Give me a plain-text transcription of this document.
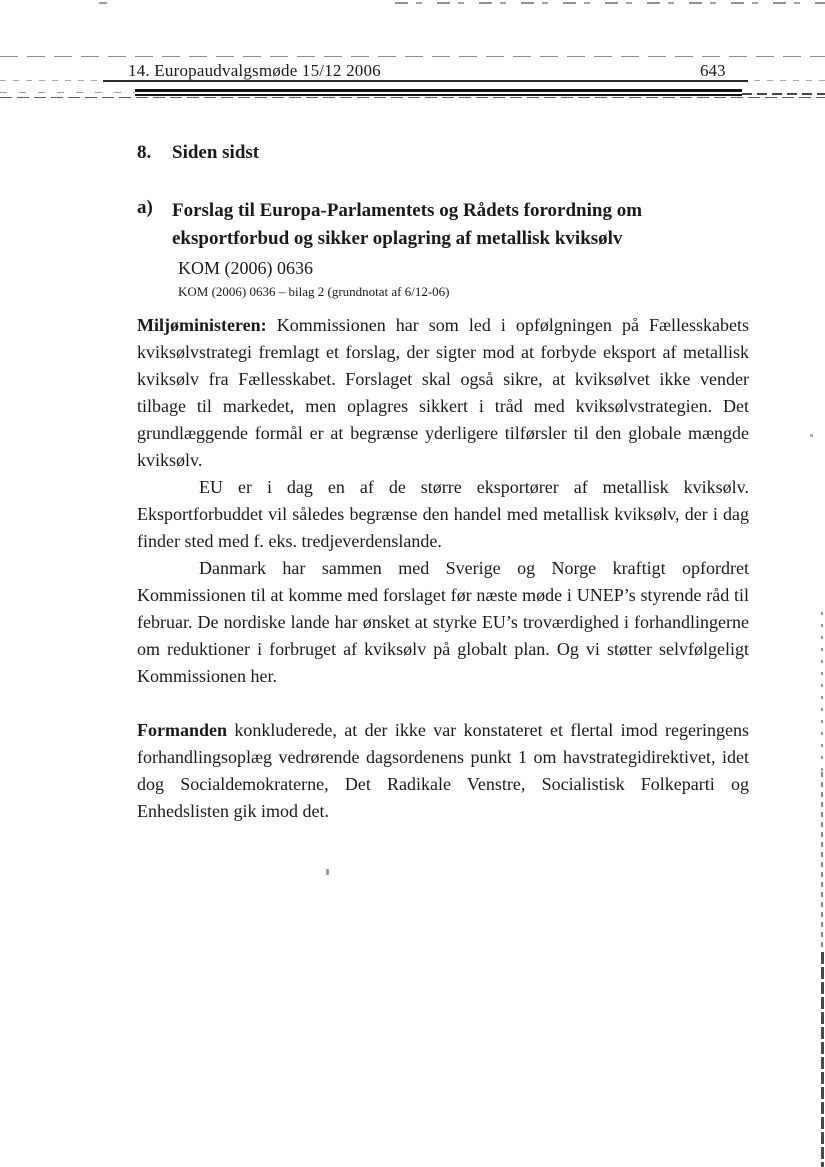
14. Europaudvalgsmøde 15/12 2006	643
8.	Siden sidst
a)	Forslag til Europa-Parlamentets og Rådets forordning om eksportforbud og sikker oplagring af metallisk kviksølv
KOM (2006) 0636
KOM (2006) 0636 – bilag 2 (grundnotat af 6/12-06)

Miljøministeren: Kommissionen har som led i opfølgningen på Fællesskabets kviksølvstrategi fremlagt et forslag, der sigter mod at forbyde eksport af metallisk kviksølv fra Fællesskabet. Forslaget skal også sikre, at kviksølvet ikke vender tilbage til markedet, men oplagres sikkert i tråd med kviksølvstrategien. Det grundlæggende formål er at begrænse yderligere tilførsler til den globale mængde kviksølv.

EU er i dag en af de større eksportører af metallisk kviksølv. Eksportforbuddet vil således begrænse den handel med metallisk kviksølv, der i dag finder sted med f. eks. tredjeverdenslande.

Danmark har sammen med Sverige og Norge kraftigt opfordret Kommissionen til at komme med forslaget før næste møde i UNEP’s styrende råd til februar. De nordiske lande har ønsket at styrke EU’s troværdighed i forhandlingerne om reduktioner i forbruget af kviksølv på globalt plan. Og vi støtter selvfølgeligt Kommissionen her.

Formanden konkluderede, at der ikke var konstateret et flertal imod regeringens forhandlingsoplæg vedrørende dagsordenens punkt 1 om havstrategidirektivet, idet dog Socialdemokraterne, Det Radikale Venstre, Socialistisk Folkeparti og Enhedslisten gik imod det.
